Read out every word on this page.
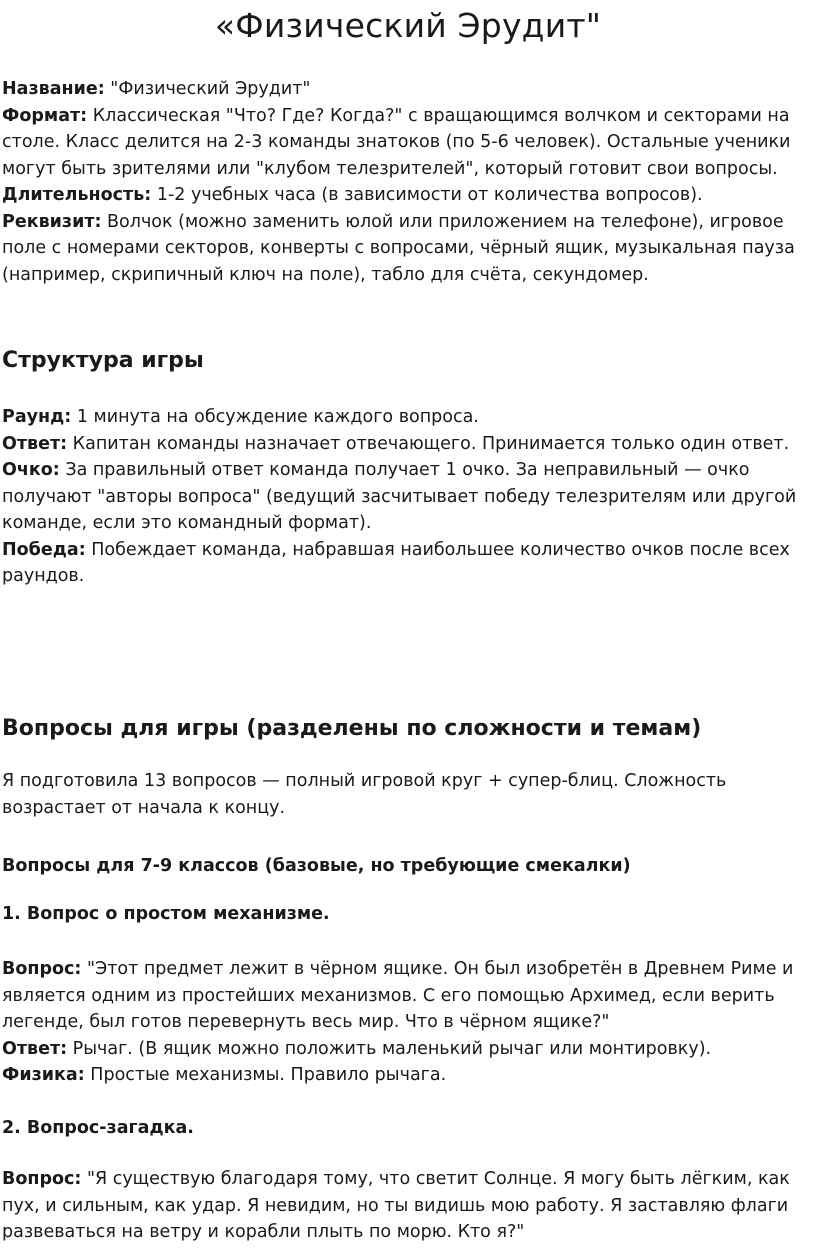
«Физический Эрудит"

Название: "Физический Эрудит"

Формат: Классическая "Что? Где? Когда?" с вращающимся волчком и секторами на столе. Класс делится на 2-3 команды знатоков (по 5-6 человек). Остальные ученики могут быть зрителями или "клубом телезрителей", который готовит свои вопросы.

Длительность: 1-2 учебных часа (в зависимости от количества вопросов).

Реквизит: Волчок (можно заменить юлой или приложением на телефоне), игровое поле с номерами секторов, конверты с вопросами, чёрный ящик, музыкальная пауза (например, скрипичный ключ на поле), табло для счёта, секундомер.

Структура игры

Раунд: 1 минута на обсуждение каждого вопроса.

Ответ: Капитан команды назначает отвечающего. Принимается только один ответ.

Очко: За правильный ответ команда получает 1 очко. За неправильный — очко получают "авторы вопроса" (ведущий засчитывает победу телезрителям или другой команде, если это командный формат).

Победа: Побеждает команда, набравшая наибольшее количество очков после всех раундов.

Вопросы для игры (разделены по сложности и темам)

Я подготовила 13 вопросов — полный игровой круг + супер-блиц. Сложность возрастает от начала к концу.

Вопросы для 7-9 классов (базовые, но требующие смекалки)
1. Вопрос о простом механизме.

Вопрос: "Этот предмет лежит в чёрном ящике. Он был изобретён в Древнем Риме и является одним из простейших механизмов. С его помощью Архимед, если верить легенде, был готов перевернуть весь мир. Что в чёрном ящике?"

Ответ: Рычаг. (В ящик можно положить маленький рычаг или монтировку).

Физика: Простые механизмы. Правило рычага.

2. Вопрос-загадка.

Вопрос: "Я существую благодаря тому, что светит Солнце. Я могу быть лёгким, как пух, и сильным, как удар. Я невидим, но ты видишь мою работу. Я заставляю флаги развеваться на ветру и корабли плыть по морю. Кто я?"
